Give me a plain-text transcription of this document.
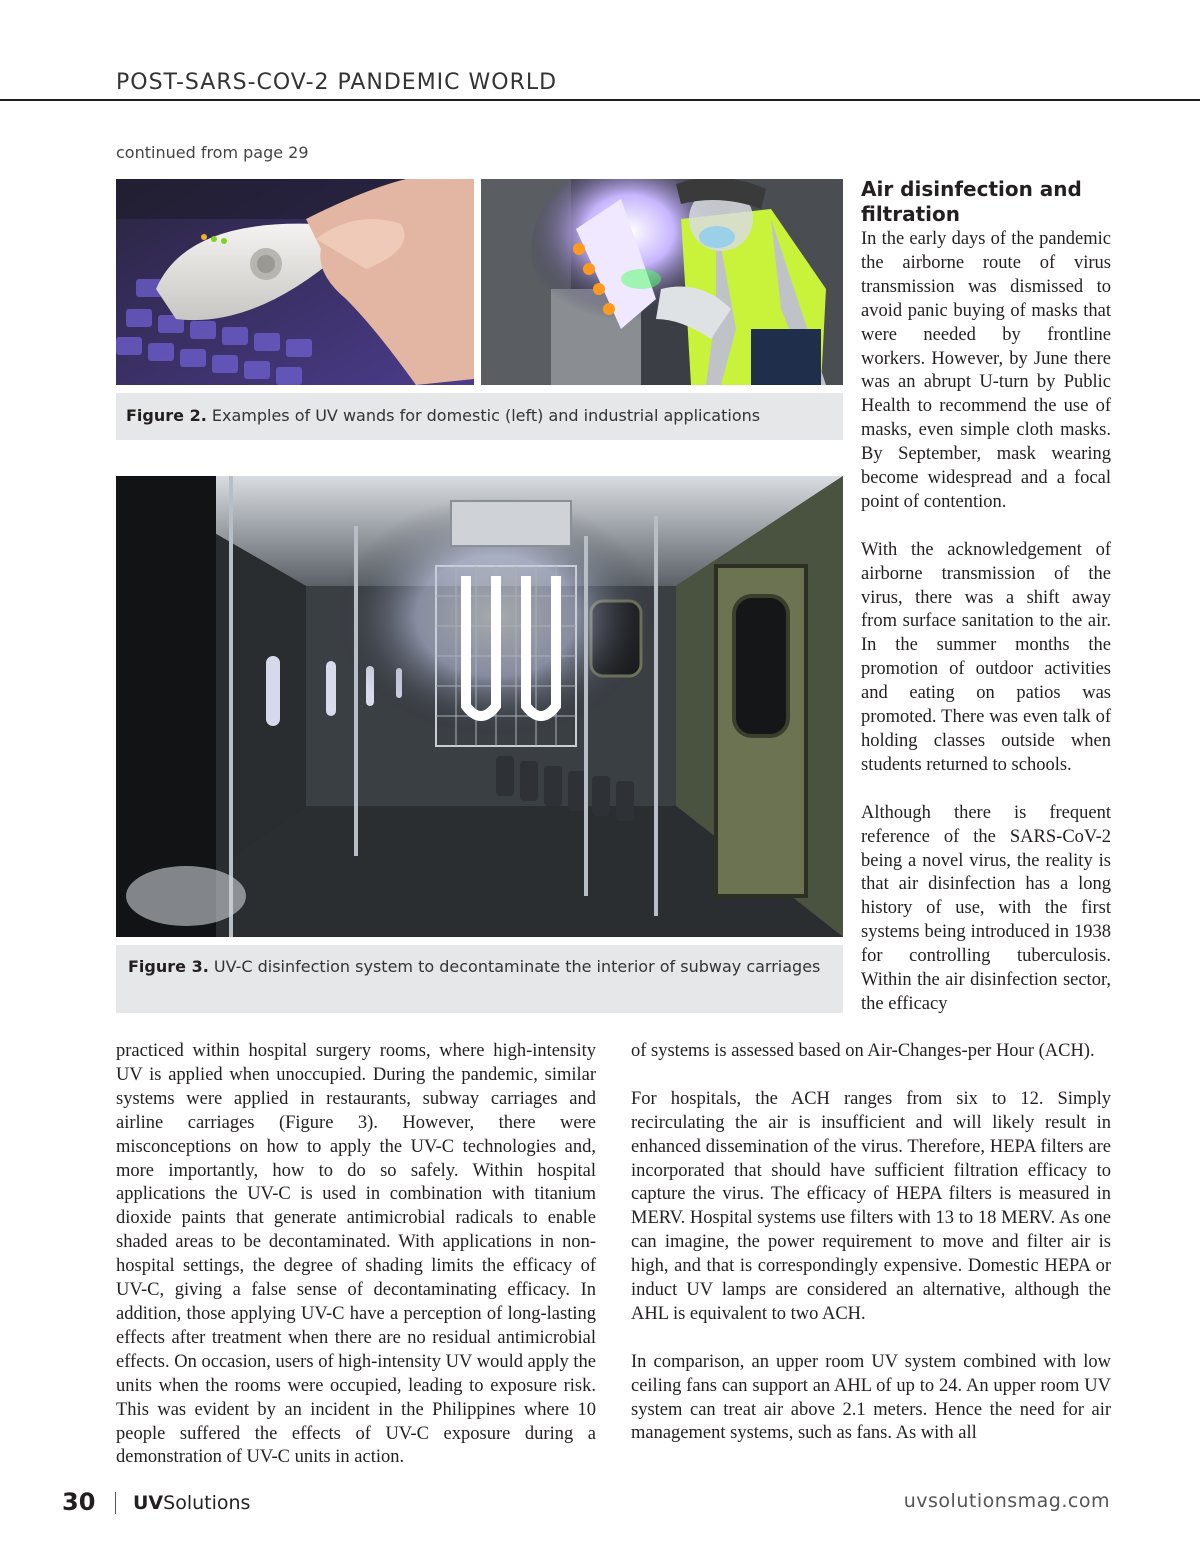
POST-SARS-COV-2 PANDEMIC WORLD
continued from page 29
Figure 2. Examples of UV wands for domestic (left) and industrial applications
Figure 3. UV-C disinfection system to decontaminate the interior of subway carriages
Air disinfection and filtration

In the early days of the pandemic the airborne route of virus transmission was dismissed to avoid panic buying of masks that were needed by frontline workers. However, by June there was an abrupt U-turn by Public Health to recommend the use of masks, even simple cloth masks. By September, mask wearing become widespread and a focal point of contention.

With the acknowledgement of airborne transmission of the virus, there was a shift away from surface sanitation to the air. In the summer months the promotion of outdoor activities and eating on patios was promoted. There was even talk of holding classes outside when students returned to schools.

Although there is frequent reference of the SARS-CoV-2 being a novel virus, the reality is that air disinfection has a long history of use, with the first systems being introduced in 1938 for controlling tuberculosis. Within the air disinfection sector, the efficacy

practiced within hospital surgery rooms, where high-intensity UV is applied when unoccupied. During the pandemic, similar systems were applied in restaurants, subway carriages and airline carriages (Figure 3). However, there were misconceptions on how to apply the UV-C technologies and, more importantly, how to do so safely. Within hospital applications the UV-C is used in combination with titanium dioxide paints that generate antimicrobial radicals to enable shaded areas to be decontaminated. With applications in non-hospital settings, the degree of shading limits the efficacy of UV-C, giving a false sense of decontaminating efficacy. In addition, those applying UV-C have a perception of long-lasting effects after treatment when there are no residual antimicrobial effects. On occasion, users of high-intensity UV would apply the units when the rooms were occupied, leading to exposure risk. This was evident by an incident in the Philippines where 10 people suffered the effects of UV-C exposure during a demonstration of UV-C units in action.

of systems is assessed based on Air-Changes-per Hour (ACH).

For hospitals, the ACH ranges from six to 12. Simply recirculating the air is insufficient and will likely result in enhanced dissemination of the virus. Therefore, HEPA filters are incorporated that should have sufficient filtration efficacy to capture the virus. The efficacy of HEPA filters is measured in MERV. Hospital systems use filters with 13 to 18 MERV. As one can imagine, the power requirement to move and filter air is high, and that is correspondingly expensive. Domestic HEPA or induct UV lamps are considered an alternative, although the AHL is equivalent to two ACH.

In comparison, an upper room UV system combined with low ceiling fans can support an AHL of up to 24. An upper room UV system can treat air above 2.1 meters. Hence the need for air management systems, such as fans. As with all

30 UVSolutions	uvsolutionsmag.com
